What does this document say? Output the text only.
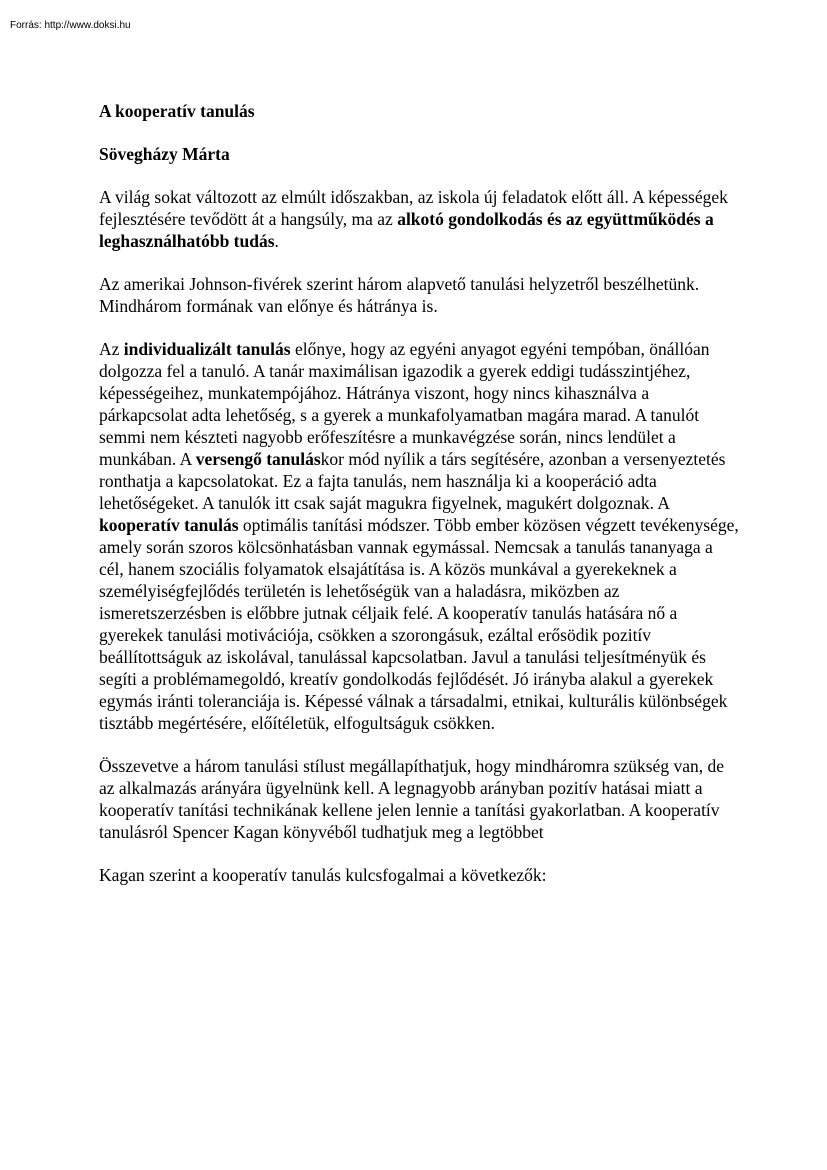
Forrás: http://www.doksi.hu

A kooperatív tanulás

Sövegházy Márta

A világ sokat változott az elmúlt időszakban, az iskola új feladatok előtt áll. A képességek fejlesztésére tevődött át a hangsúly, ma az alkotó gondolkodás és az együttműködés a leghasználhatóbb tudás.

Az amerikai Johnson-fivérek szerint három alapvető tanulási helyzetről beszélhetünk. Mindhárom formának van előnye és hátránya is.

Az individualizált tanulás előnye, hogy az egyéni anyagot egyéni tempóban, önállóan dolgozza fel a tanuló. A tanár maximálisan igazodik a gyerek eddigi tudásszintjéhez, képességeihez, munkatempójához. Hátránya viszont, hogy nincs kihasználva a párkapcsolat adta lehetőség, s a gyerek a munkafolyamatban magára marad. A tanulót semmi nem készteti nagyobb erőfeszítésre a munkavégzése során, nincs lendület a munkában. A versengő tanuláskor mód nyílik a társ segítésére, azonban a versenyeztetés ronthatja a kapcsolatokat. Ez a fajta tanulás, nem használja ki a kooperáció adta lehetőségeket. A tanulók itt csak saját magukra figyelnek, magukért dolgoznak. A kooperatív tanulás optimális tanítási módszer. Több ember közösen végzett tevékenysége, amely során szoros kölcsönhatásban vannak egymással. Nemcsak a tanulás tananyaga a cél, hanem szociális folyamatok elsajátítása is. A közös munkával a gyerekeknek a személyiségfejlődés területén is lehetőségük van a haladásra, miközben az ismeretszerzésben is előbbre jutnak céljaik felé. A kooperatív tanulás hatására nő a gyerekek tanulási motivációja, csökken a szorongásuk, ezáltal erősödik pozitív beállítottságuk az iskolával, tanulással kapcsolatban. Javul a tanulási teljesítményük és segíti a problémamegoldó, kreatív gondolkodás fejlődését. Jó irányba alakul a gyerekek egymás iránti toleranciája is. Képessé válnak a társadalmi, etnikai, kulturális különbségek tisztább megértésére, előítéletük, elfogultságuk csökken.

Összevetve a három tanulási stílust megállapíthatjuk, hogy mindháromra szükség van, de az alkalmazás arányára ügyelnünk kell. A legnagyobb arányban pozitív hatásai miatt a kooperatív tanítási technikának kellene jelen lennie a tanítási gyakorlatban. A kooperatív tanulásról Spencer Kagan könyvéből tudhatjuk meg a legtöbbet

Kagan szerint a kooperatív tanulás kulcsfogalmai a következők:
